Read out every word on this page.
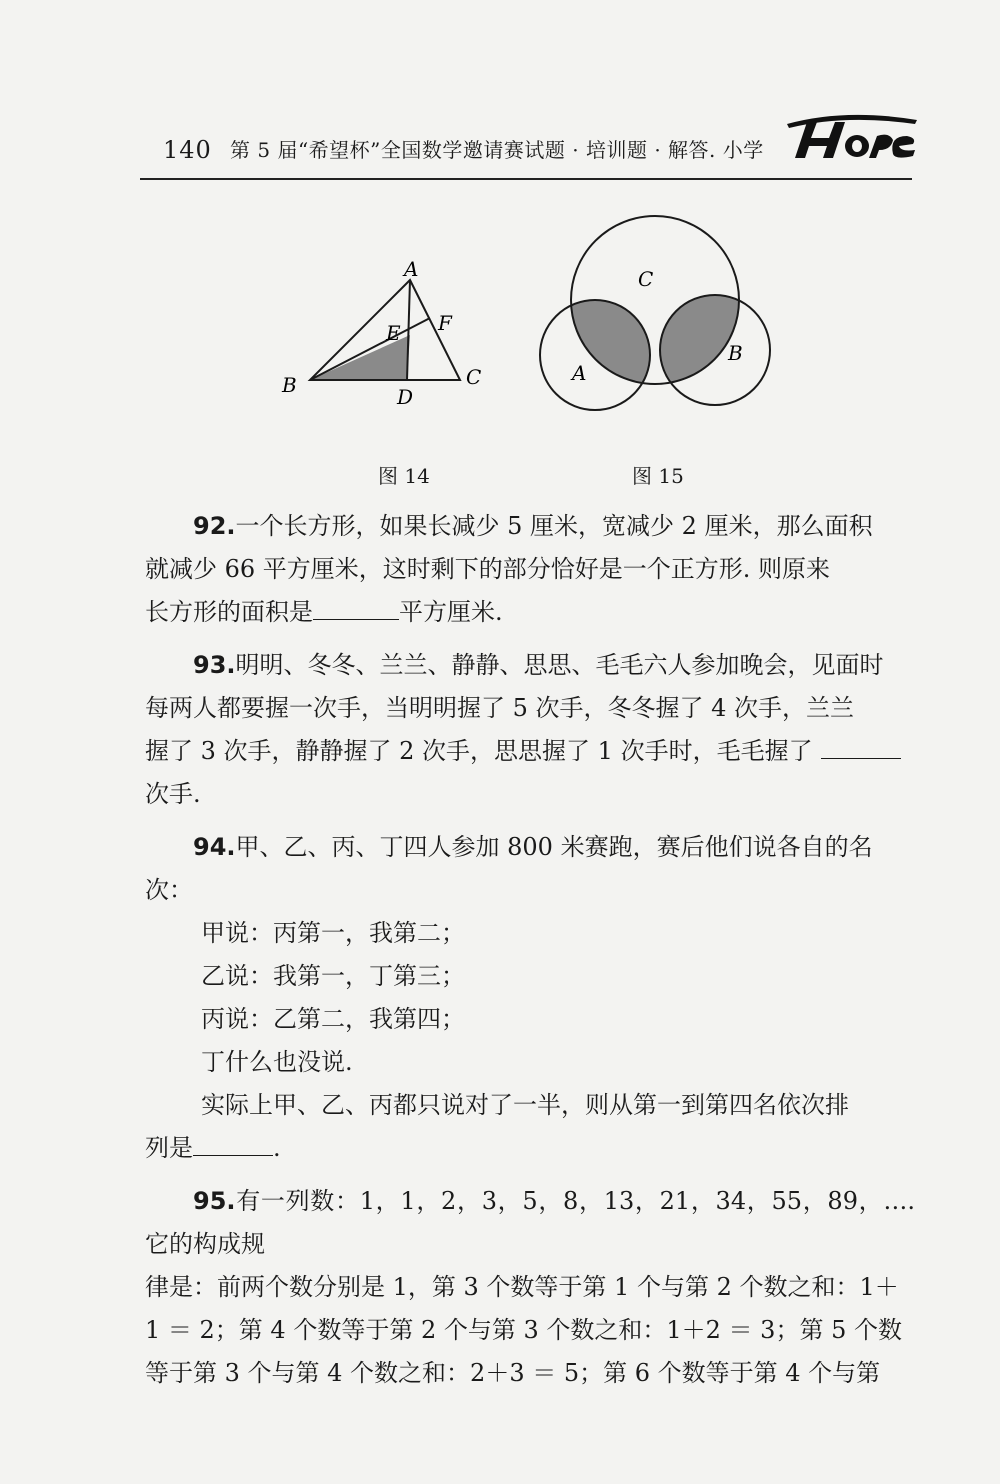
140 第 5 届“希望杯”全国数学邀请赛试题 · 培训题 · 解答. 小学
A
B	C
D
E F
C
A
B
图 14	图 15

92.一个长方形，如果长减少 5 厘米，宽减少 2 厘米，那么面积

就减少 66 平方厘米，这时剩下的部分恰好是一个正方形. 则原来

长方形的面积是	平方厘米.

93.明明、冬冬、兰兰、静静、思思、毛毛六人参加晚会，见面时

每两人都要握一次手，当明明握了 5 次手，冬冬握了 4 次手，兰兰

握了 3 次手，静静握了 2 次手，思思握了 1 次手时，毛毛握了

次手.

94.甲、乙、丙、丁四人参加 800 米赛跑，赛后他们说各自的名

次：

甲说：丙第一，我第二；

乙说：我第一，丁第三；

丙说：乙第二，我第四；

丁什么也没说.

实际上甲、乙、丙都只说对了一半，则从第一到第四名依次排

列是	.

95.有一列数：1，1，2，3，5，8，13，21，34，55，89，…. 它的构成规

律是：前两个数分别是 1，第 3 个数等于第 1 个与第 2 个数之和：1＋

1 ＝ 2；第 4 个数等于第 2 个与第 3 个数之和：1＋2 ＝ 3；第 5 个数

等于第 3 个与第 4 个数之和：2＋3 ＝ 5；第 6 个数等于第 4 个与第
